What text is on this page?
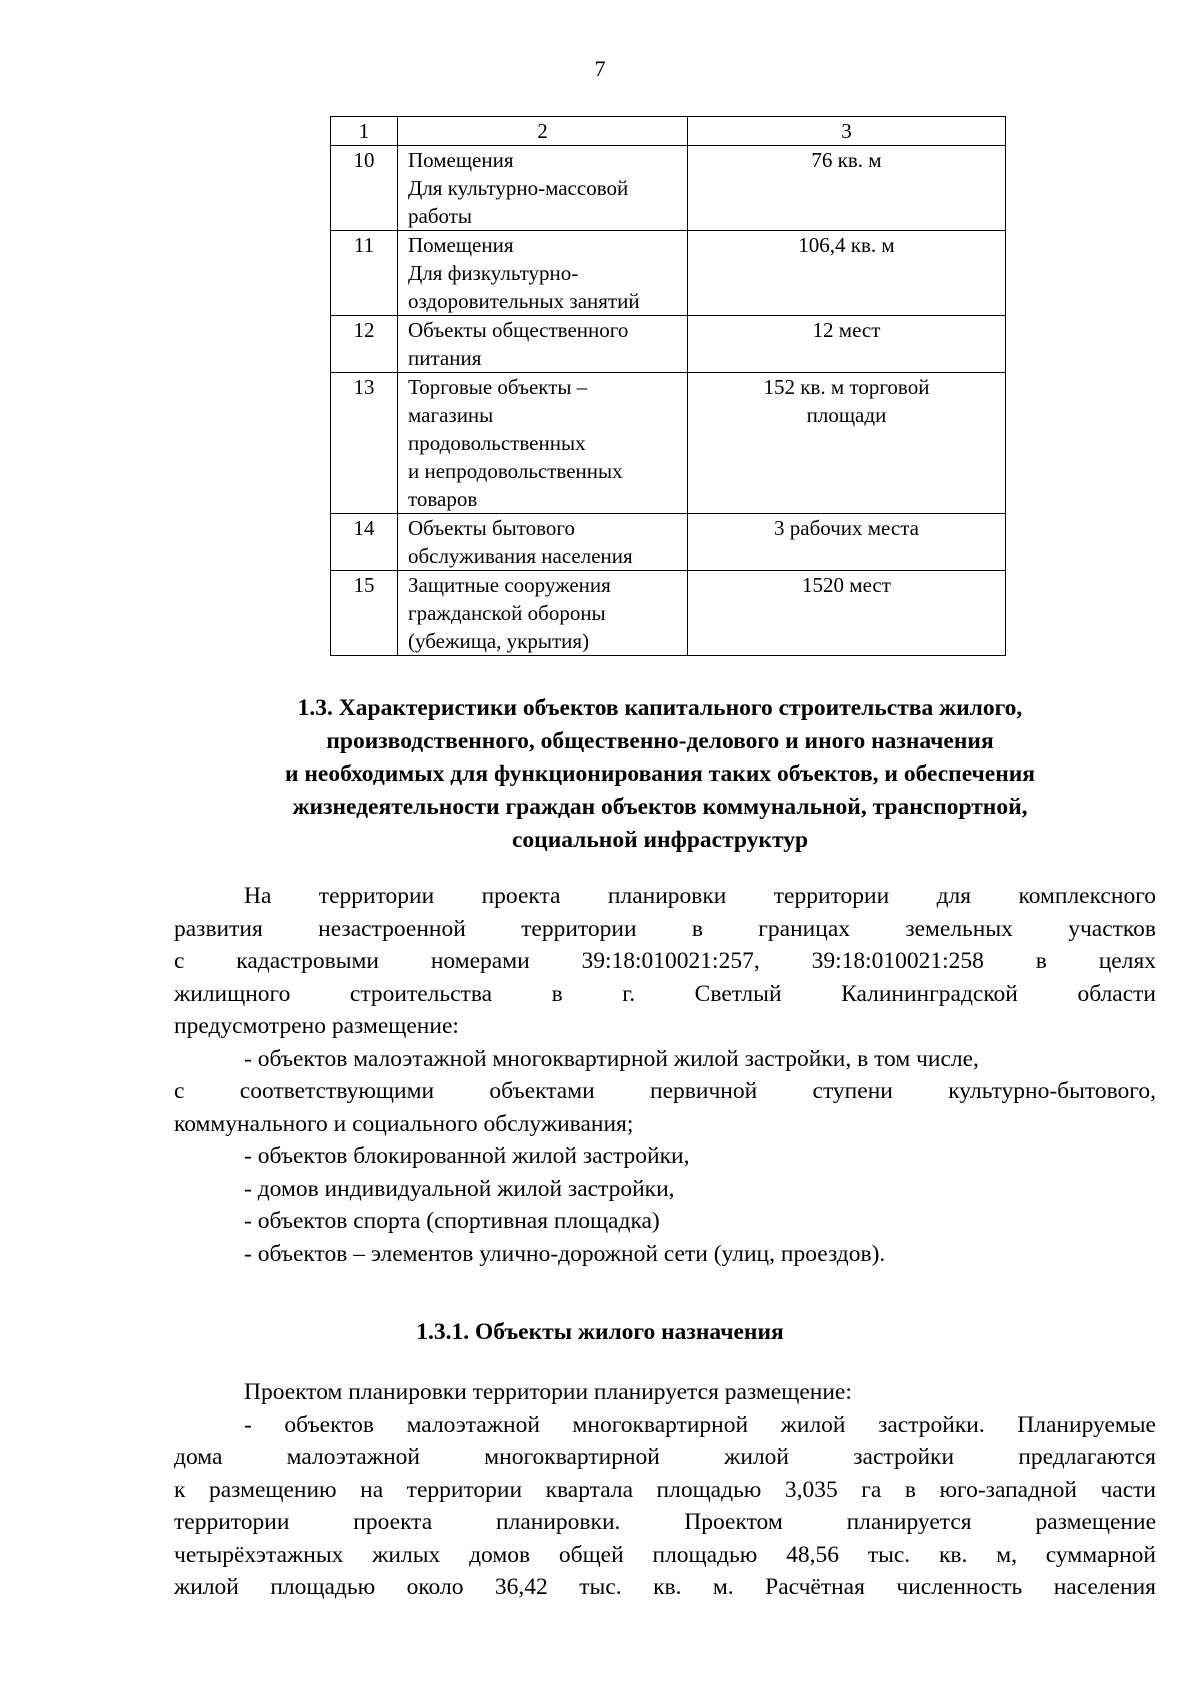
7
1	2	3
10	Помещения
Для культурно-массовой
работы	76 кв. м

11	Помещения
Для физкультурно-
оздоровительных занятий	106,4 кв. м

12	Объекты общественного
питания	12 мест

13	Торговые объекты –
магазины
продовольственных
и непродовольственных
товаров	152 кв. м торговой
площади

14	Объекты бытового
обслуживания населения	3 рабочих места

15	Защитные сооружения
гражданской обороны
(убежища, укрытия)	1520 мест
1.3. Характеристики объектов капитального строительства жилого,
производственного, общественно-делового и иного назначения
и необходимых для функционирования таких объектов, и обеспечения
жизнедеятельности граждан объектов коммунальной, транспортной,
социальной инфраструктур
На территории проекта планировки территории для комплексного
развития незастроенной территории в границах земельных участков
с кадастровыми номерами 39:18:010021:257, 39:18:010021:258 в целях
жилищного строительства в г. Светлый Калининградской области
предусмотрено размещение:
- объектов малоэтажной многоквартирной жилой застройки, в том числе,
с соответствующими объектами первичной ступени культурно-бытового,
коммунального и социального обслуживания;
- объектов блокированной жилой застройки,
- домов индивидуальной жилой застройки,
- объектов спорта (спортивная площадка)
- объектов – элементов улично-дорожной сети (улиц, проездов).
1.3.1. Объекты жилого назначения
Проектом планировки территории планируется размещение:
- объектов малоэтажной многоквартирной жилой застройки. Планируемые
дома малоэтажной многоквартирной жилой застройки предлагаются
к размещению на территории квартала площадью 3,035 га в юго-западной части
территории проекта планировки. Проектом планируется размещение
четырёхэтажных жилых домов общей площадью 48,56 тыс. кв. м, суммарной
жилой площадью около 36,42 тыс. кв. м. Расчётная численность населения
